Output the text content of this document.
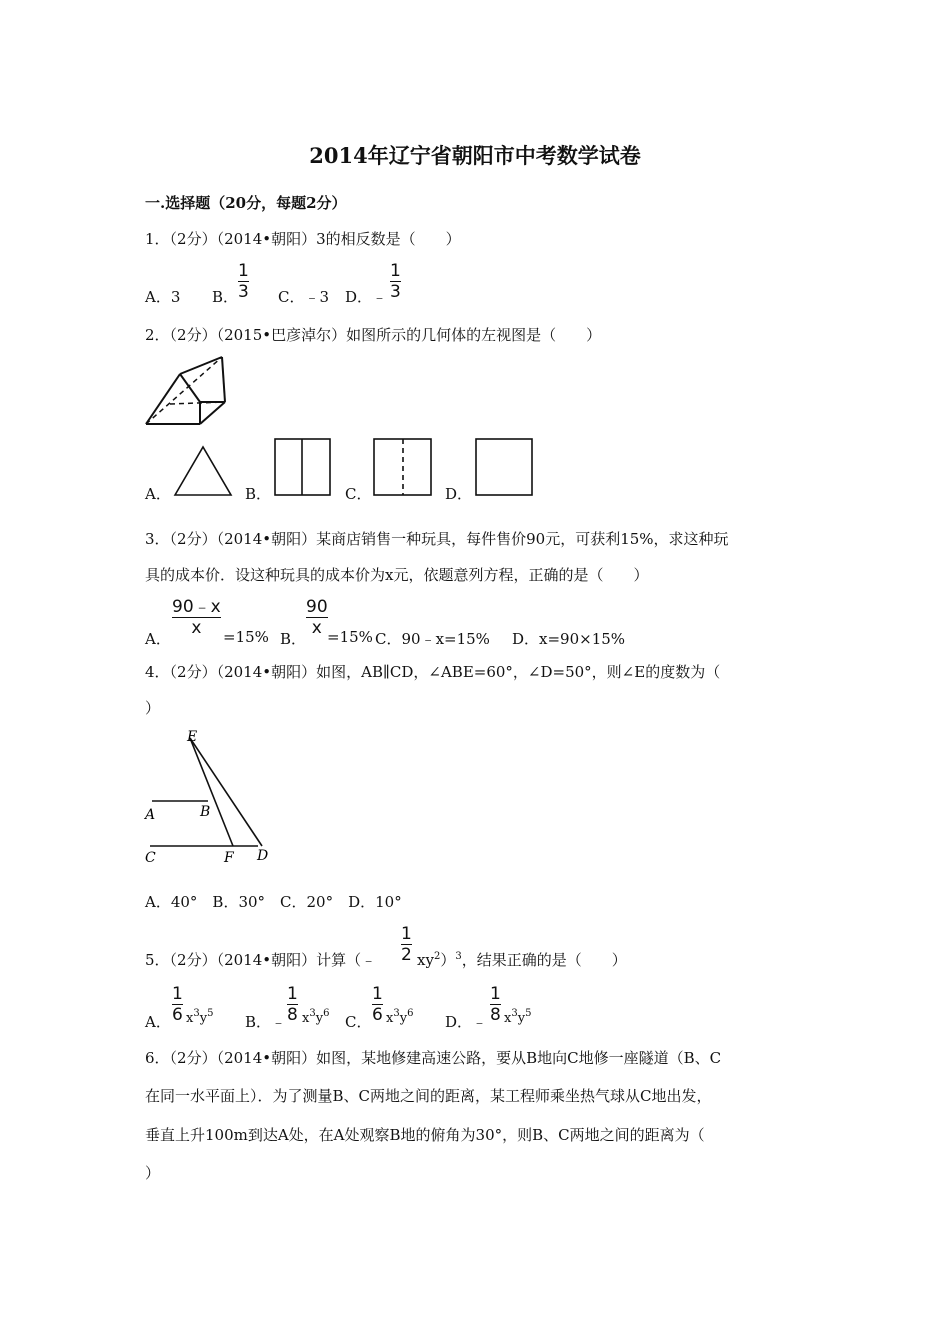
2014年辽宁省朝阳市中考数学试卷
一.选择题（20分，每题2分）
1．（2分）（2014•朝阳）3的相反数是（　　）
A．3 B．
1
3 C．﹣3 D．﹣
1
3
2．（2分）（2015•巴彦淖尔）如图所示的几何体的左视图是（　　）
A．	B．	C．	D．
3．（2分）（2014•朝阳）某商店销售一种玩具，每件售价90元，可获利15%，求这种玩
具的成本价．设这种玩具的成本价为x元，依题意列方程，正确的是（　　）
A．
90﹣x
x =15% B．
90
x =15% C．90﹣x=15% D．x=90×15%
4．（2分）（2014•朝阳）如图，AB∥CD，∠ABE=60°，∠D=50°，则∠E的度数为（
）
E
A	B
C	F D
A．40°　B．30°　C．20°　D．10°
5．（2分）（2014•朝阳）计算（﹣
1
2 $xy^2)^3$，结果正确的是（　　）
A．
1
6 $x^3y^5$ B．﹣
1
8 $x^3y^6$ C．
1
6 $x^3y^6$ D．﹣
1
8 $x^3y^5$
6．（2分）（2014•朝阳）如图，某地修建高速公路，要从B地向C地修一座隧道（B、C
在同一水平面上）．为了测量B、C两地之间的距离，某工程师乘坐热气球从C地出发，
垂直上升100m到达A处，在A处观察B地的俯角为30°，则B、C两地之间的距离为（
）
